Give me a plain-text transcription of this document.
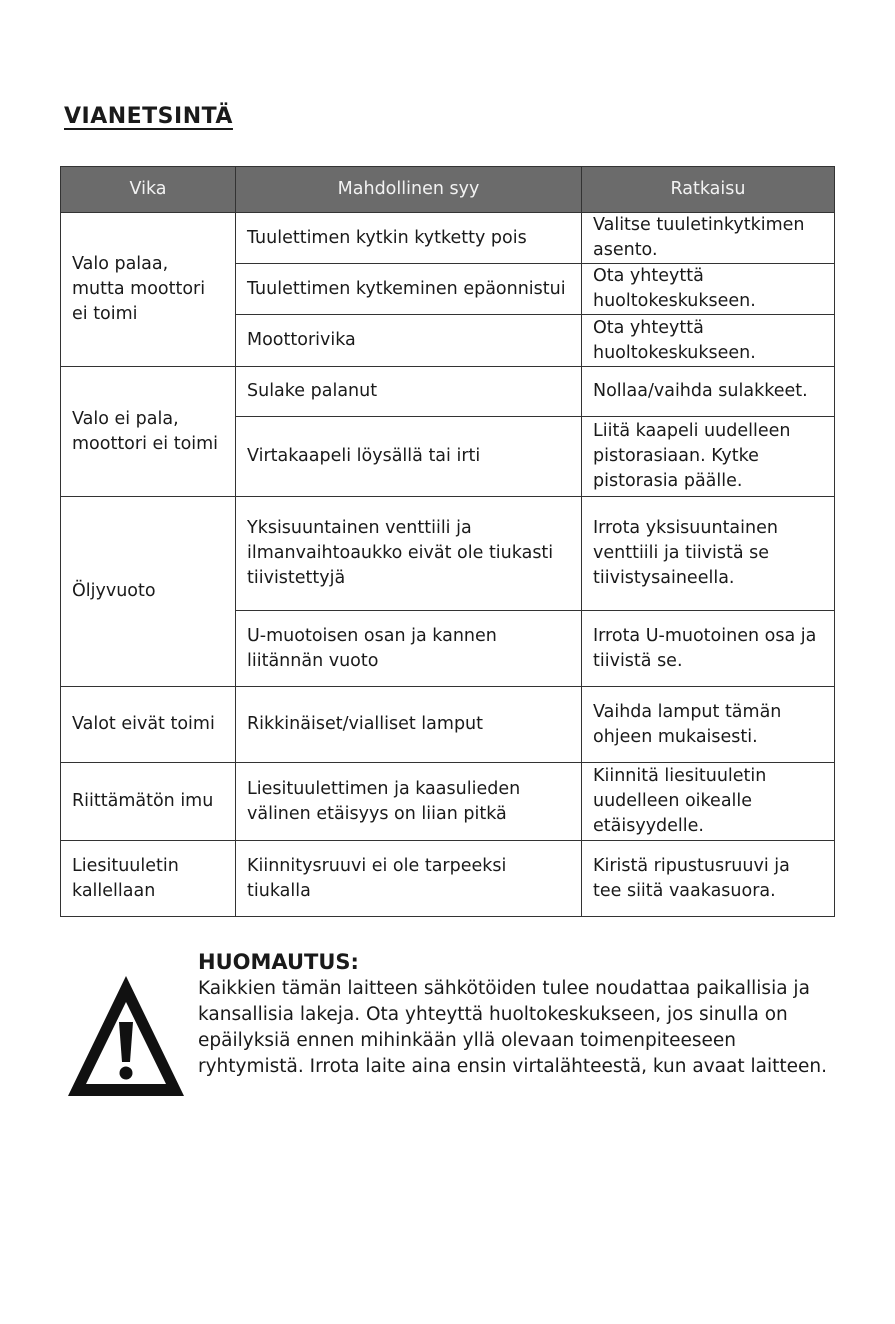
VIANETSINTÄ
Vika	Mahdollinen syy	Ratkaisu
Valo palaa, mutta moottori ei toimi	Tuulettimen kytkin kytketty pois	Valitse tuuletinkytkimen asento.
	Tuulettimen kytkeminen epäonnistui	Ota yhteyttä huoltokeskukseen.
	Moottorivika	Ota yhteyttä huoltokeskukseen.
Valo ei pala, moottori ei toimi	Sulake palanut	Nollaa/vaihda sulakkeet.
	Virtakaapeli löysällä tai irti	Liitä kaapeli uudelleen pistorasiaan. Kytke pistorasia päälle.
Öljyvuoto	Yksisuuntainen venttiili ja ilmanvaihtoaukko eivät ole tiukasti tiivistettyjä	Irrota yksisuuntainen venttiili ja tiivistä se tiivistysaineella.
	U-muotoisen osan ja kannen liitännän vuoto	Irrota U-muotoinen osa ja tiivistä se.
Valot eivät toimi	Rikkinäiset/vialliset lamput	Vaihda lamput tämän ohjeen mukaisesti.
Riittämätön imu	Liesituulettimen ja kaasulieden välinen etäisyys on liian pitkä	Kiinnitä liesituuletin uudelleen oikealle etäisyydelle.
Liesituuletin kallellaan	Kiinnitysruuvi ei ole tarpeeksi tiukalla	Kiristä ripustusruuvi ja tee siitä vaakasuora.
HUOMAUTUS:
Kaikkien tämän laitteen sähkötöiden tulee noudattaa paikallisia ja kansallisia lakeja. Ota yhteyttä huoltokeskukseen, jos sinulla on epäilyksiä ennen mihinkään yllä olevaan toimenpiteeseen ryhtymistä. Irrota laite aina ensin virtalähteestä, kun avaat laitteen.
